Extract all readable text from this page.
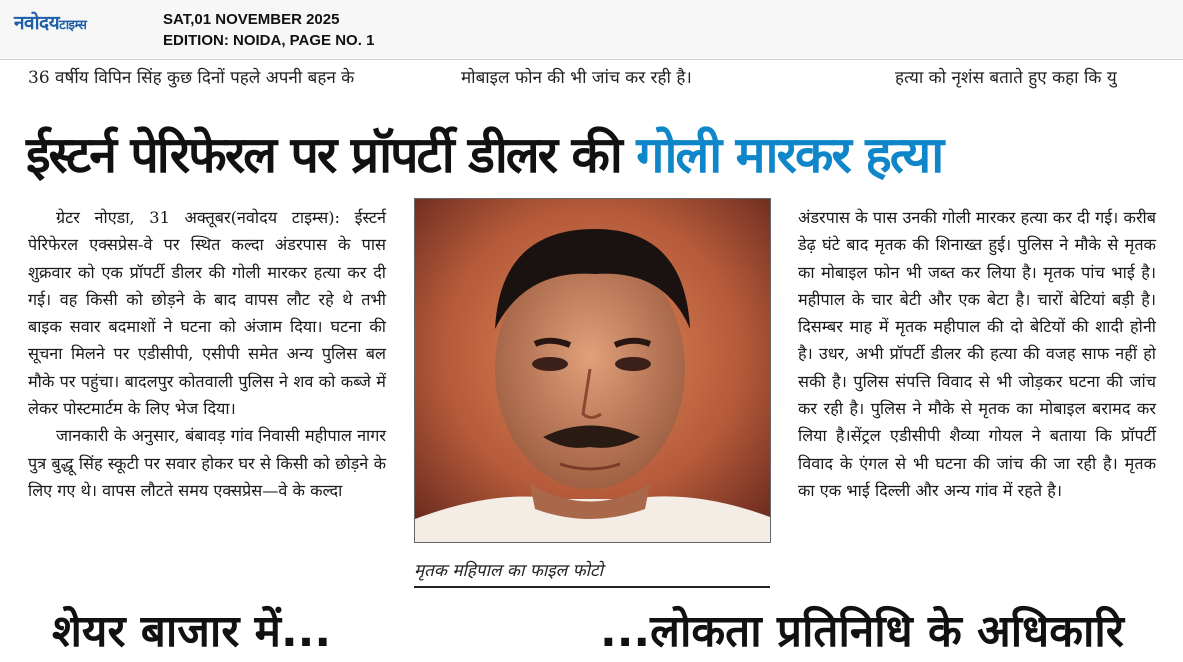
नवोदयटाइम्स	SAT,01 NOVEMBER 2025
EDITION: NOIDA, PAGE NO. 1
36 वर्षीय विपिन सिंह कुछ दिनों पहले अपनी बहन के	मोबाइल फोन की भी जांच कर रही है।	हत्या को नृशंस बताते हुए कहा कि यु
ईस्टर्न पेरिफेरल पर प्रॉपर्टी डीलर की गोली मारकर हत्या

ग्रेटर नोएडा, 31 अक्तूबर(नवोदय टाइम्स): ईस्टर्न पेरिफेरल एक्सप्रेस-वे पर स्थित कल्दा अंडरपास के पास शुक्रवार को एक प्रॉपर्टी डीलर की गोली मारकर हत्या कर दी गई। वह किसी को छोड़ने के बाद वापस लौट रहे थे तभी बाइक सवार बदमाशों ने घटना को अंजाम दिया। घटना की सूचना मिलने पर एडीसीपी, एसीपी समेत अन्य पुलिस बल मौके पर पहुंचा। बादलपुर कोतवाली पुलिस ने शव को कब्जे में लेकर पोस्टमार्टम के लिए भेज दिया।

जानकारी के अनुसार, बंबावड़ गांव निवासी महीपाल नागर पुत्र बुद्धू सिंह स्कूटी पर सवार होकर घर से किसी को छोड़ने के लिए गए थे। वापस लौटते समय एक्सप्रेस—वे के कल्दा

मृतक महिपाल का फाइल फोटो

अंडरपास के पास उनकी गोली मारकर हत्या कर दी गई। करीब डेढ़ घंटे बाद मृतक की शिनाख्त हुई। पुलिस ने मौके से मृतक का मोबाइल फोन भी जब्त कर लिया है। मृतक पांच भाई है। महीपाल के चार बेटी और एक बेटा है। चारों बेटियां बड़ी है। दिसम्बर माह में मृतक महीपाल की दो बेटियों की शादी होनी है। उधर, अभी प्रॉपर्टी डीलर की हत्या की वजह साफ नहीं हो सकी है। पुलिस संपत्ति विवाद से भी जोड़कर घटना की जांच कर रही है। पुलिस ने मौके से मृतक का मोबाइल बरामद कर लिया है।सेंट्रल एडीसीपी शैव्या गोयल ने बताया कि प्रॉपर्टी विवाद के एंगल से भी घटना की जांच की जा रही है। मृतक का एक भाई दिल्ली और अन्य गांव में रहते है।

शेयर बाजार में...	...लोकता प्रतिनिधि के अधिकारि
